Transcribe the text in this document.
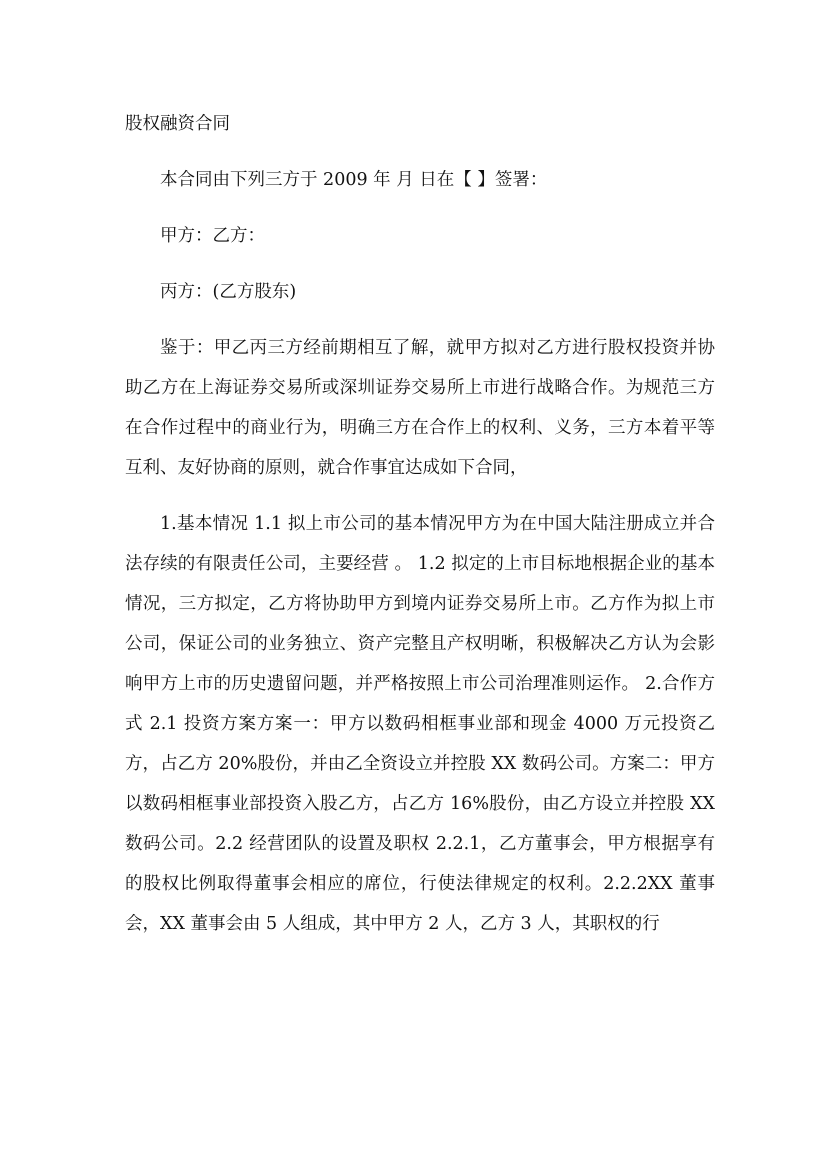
股权融资合同

本合同由下列三方于 2009 年 月 日在【 】签署：

甲方：乙方：

丙方：(乙方股东)

鉴于：甲乙丙三方经前期相互了解，就甲方拟对乙方进行股权投资并协助乙方在上海证券交易所或深圳证券交易所上市进行战略合作。为规范三方在合作过程中的商业行为，明确三方在合作上的权利、义务，三方本着平等互利、友好协商的原则，就合作事宜达成如下合同，

1.基本情况 1.1 拟上市公司的基本情况甲方为在中国大陆注册成立并合法存续的有限责任公司，主要经营 。 1.2 拟定的上市目标地根据企业的基本情况，三方拟定，乙方将协助甲方到境内证券交易所上市。乙方作为拟上市公司，保证公司的业务独立、资产完整且产权明晰，积极解决乙方认为会影响甲方上市的历史遗留问题，并严格按照上市公司治理准则运作。 2.合作方式 2.1 投资方案方案一：甲方以数码相框事业部和现金 4000 万元投资乙方，占乙方 20%股份，并由乙全资设立并控股 XX 数码公司。方案二：甲方以数码相框事业部投资入股乙方，占乙方 16%股份，由乙方设立并控股 XX 数码公司。2.2 经营团队的设置及职权 2.2.1，乙方董事会，甲方根据享有的股权比例取得董事会相应的席位，行使法律规定的权利。2.2.2XX 董事会，XX 董事会由 5 人组成，其中甲方 2 人，乙方 3 人，其职权的行
